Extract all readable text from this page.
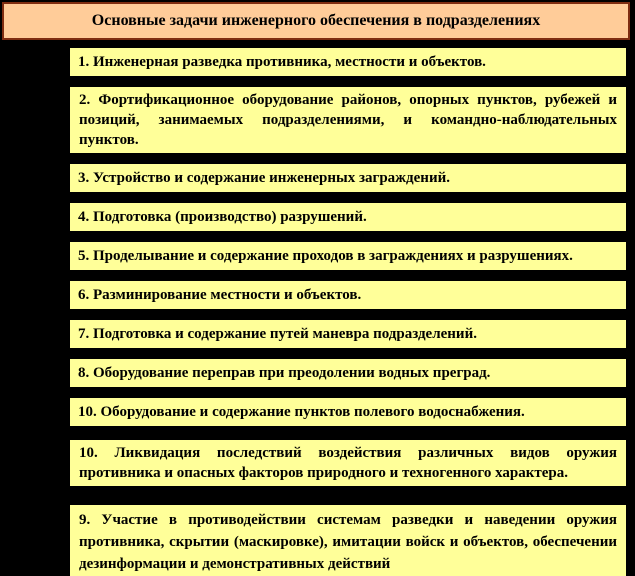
Основные задачи инженерного обеспечения в подразделениях
1. Инженерная разведка противника, местности и объектов.
2. Фортификационное оборудование районов, опорных пунктов, рубежей и позиций, занимаемых подразделениями, и командно-наблюдательных пунктов.
3. Устройство и содержание инженерных заграждений.
4. Подготовка (производство) разрушений.
5. Проделывание и содержание проходов в заграждениях и разрушениях.
6. Разминирование местности и объектов.
7. Подготовка и содержание путей маневра подразделений.
8. Оборудование переправ при преодолении водных преград.
10. Оборудование и содержание пунктов полевого водоснабжения.
10. Ликвидация последствий воздействия различных видов оружия противника и опасных факторов природного и техногенного характера.
9. Участие в противодействии системам разведки и наведении оружия противника, скрытии (маскировке), имитации войск и объектов, обеспечении дезинформации и демонстративных действий
